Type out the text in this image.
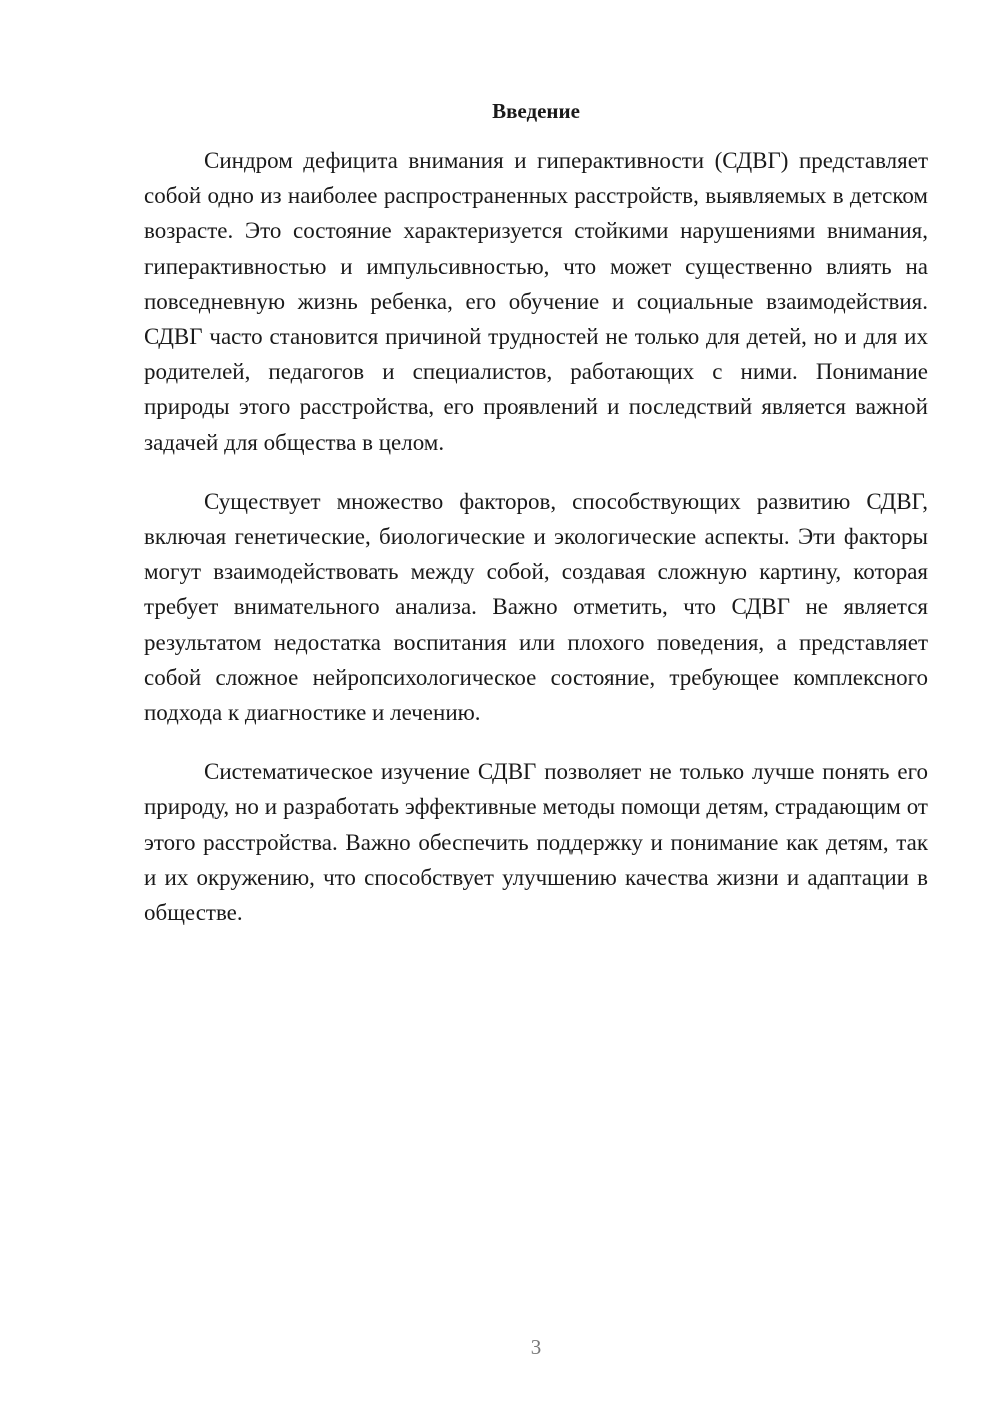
Введение

Синдром дефицита внимания и гиперактивности (СДВГ) представляет собой одно из наиболее распространенных расстройств, выявляемых в детском возрасте. Это состояние характеризуется стойкими нарушениями внимания, гиперактивностью и импульсивностью, что может существенно влиять на повседневную жизнь ребенка, его обучение и социальные взаимодействия. СДВГ часто становится причиной трудностей не только для детей, но и для их родителей, педагогов и специалистов, работающих с ними. Понимание природы этого расстройства, его проявлений и последствий является важной задачей для общества в целом.

Существует множество факторов, способствующих развитию СДВГ, включая генетические, биологические и экологические аспекты. Эти факторы могут взаимодействовать между собой, создавая сложную картину, которая требует внимательного анализа. Важно отметить, что СДВГ не является результатом недостатка воспитания или плохого поведения, а представляет собой сложное нейропсихологическое состояние, требующее комплексного подхода к диагностике и лечению.

Систематическое изучение СДВГ позволяет не только лучше понять его природу, но и разработать эффективные методы помощи детям, страдающим от этого расстройства. Важно обеспечить поддержку и понимание как детям, так и их окружению, что способствует улучшению качества жизни и адаптации в обществе.

3
